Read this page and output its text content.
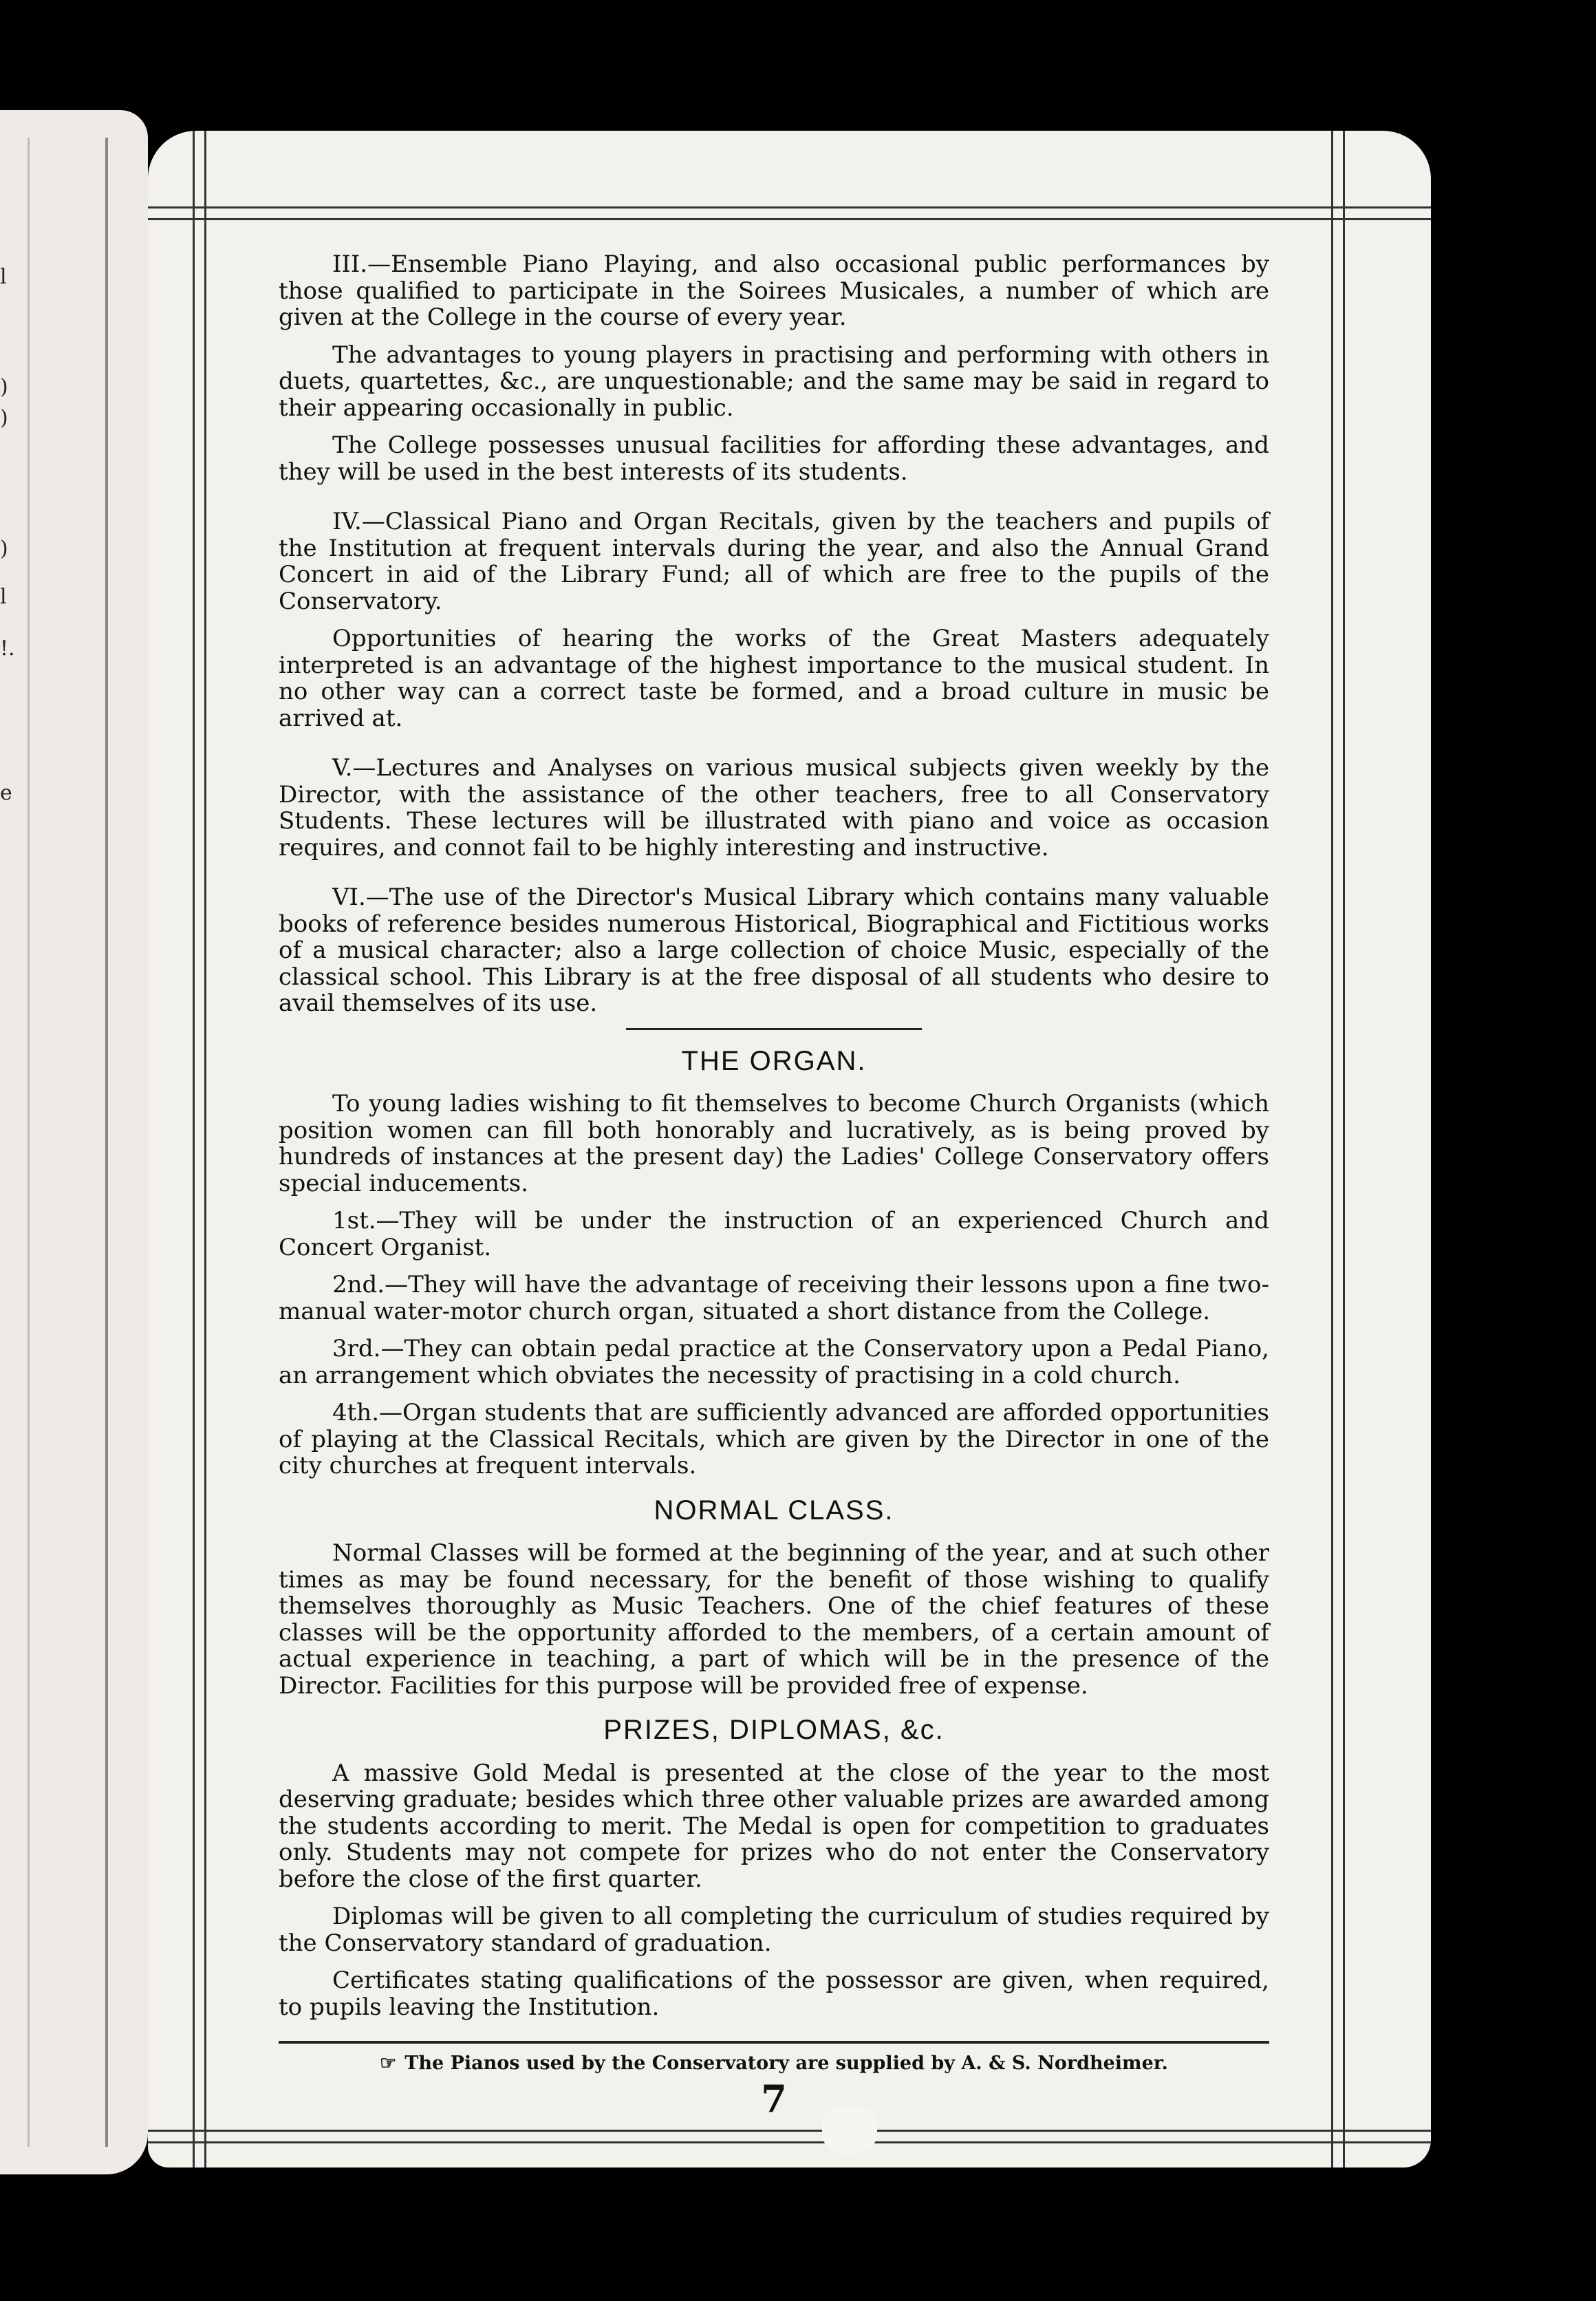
l
)
)
)
l
!.
e

III.—Ensemble Piano Playing, and also occasional public performances by those qualified to participate in the Soirees Musicales, a number of which are given at the College in the course of every year.

The advantages to young players in practising and performing with others in duets, quartettes, &c., are unquestionable; and the same may be said in regard to their appearing occasionally in public.

The College possesses unusual facilities for affording these advantages, and they will be used in the best interests of its students.

IV.—Classical Piano and Organ Recitals, given by the teachers and pupils of the Institution at frequent intervals during the year, and also the Annual Grand Concert in aid of the Library Fund; all of which are free to the pupils of the Conservatory.

Opportunities of hearing the works of the Great Masters adequately interpreted is an advantage of the highest importance to the musical student. In no other way can a correct taste be formed, and a broad culture in music be arrived at.

V.—Lectures and Analyses on various musical subjects given weekly by the Director, with the assistance of the other teachers, free to all Conservatory Students. These lectures will be illustrated with piano and voice as occasion requires, and connot fail to be highly interesting and instructive.

VI.—The use of the Director's Musical Library which contains many valuable books of reference besides numerous Historical, Biographical and Fictitious works of a musical character; also a large collection of choice Music, especially of the classical school. This Library is at the free disposal of all students who desire to avail themselves of its use.

THE ORGAN.

To young ladies wishing to fit themselves to become Church Organists (which position women can fill both honorably and lucratively, as is being proved by hundreds of instances at the present day) the Ladies' College Conservatory offers special inducements.

1st.—They will be under the instruction of an experienced Church and Concert Organist.

2nd.—They will have the advantage of receiving their lessons upon a fine two-manual water-motor church organ, situated a short distance from the College.

3rd.—They can obtain pedal practice at the Conservatory upon a Pedal Piano, an arrangement which obviates the necessity of practising in a cold church.

4th.—Organ students that are sufficiently advanced are afforded opportunities of playing at the Classical Recitals, which are given by the Director in one of the city churches at frequent intervals.

NORMAL CLASS.

Normal Classes will be formed at the beginning of the year, and at such other times as may be found necessary, for the benefit of those wishing to qualify themselves thoroughly as Music Teachers. One of the chief features of these classes will be the opportunity afforded to the members, of a certain amount of actual experience in teaching, a part of which will be in the presence of the Director. Facilities for this purpose will be provided free of expense.

PRIZES, DIPLOMAS, &c.

A massive Gold Medal is presented at the close of the year to the most deserving graduate; besides which three other valuable prizes are awarded among the students according to merit. The Medal is open for competition to graduates only. Students may not compete for prizes who do not enter the Conservatory before the close of the first quarter.

Diplomas will be given to all completing the curriculum of studies required by the Conservatory standard of graduation.

Certificates stating qualifications of the possessor are given, when required, to pupils leaving the Institution.

☞ The Pianos used by the Conservatory are supplied by A. & S. Nordheimer.
7
